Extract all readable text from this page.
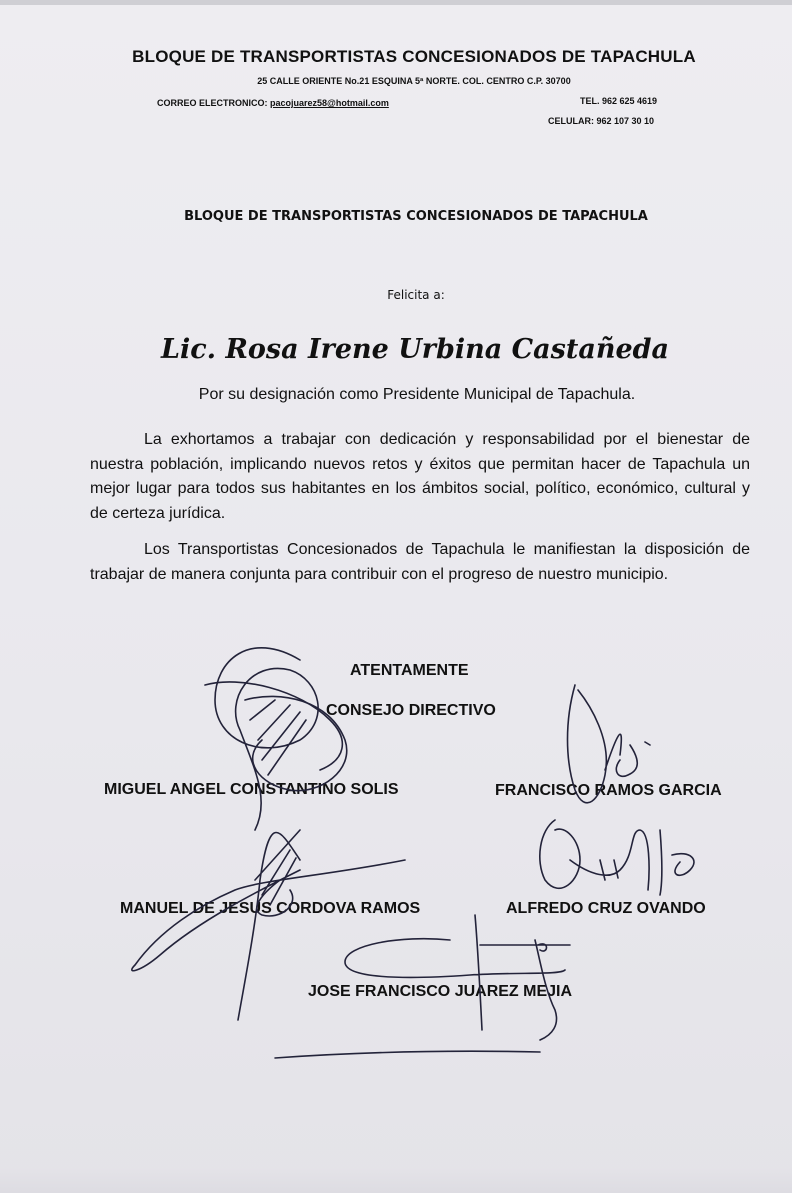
BLOQUE DE TRANSPORTISTAS CONCESIONADOS DE TAPACHULA
25 CALLE ORIENTE No.21 ESQUINA 5ª NORTE. COL. CENTRO C.P. 30700
CORREO ELECTRONICO: pacojuarez58@hotmail.com	TEL. 962 625 4619
CELULAR: 962 107 30 10
BLOQUE DE TRANSPORTISTAS CONCESIONADOS DE TAPACHULA
Felicita a:
Lic. Rosa Irene Urbina Castañeda
Por su designación como Presidente Municipal de Tapachula.
La exhortamos a trabajar con dedicación y responsabilidad por el bienestar de nuestra población, implicando nuevos retos y éxitos que permitan hacer de Tapachula un mejor lugar para todos sus habitantes en los ámbitos social, político, económico, cultural y de certeza jurídica.
Los Transportistas Concesionados de Tapachula le manifiestan la disposición de trabajar de manera conjunta para contribuir con el progreso de nuestro municipio.
ATENTAMENTE
CONSEJO DIRECTIVO
MIGUEL ANGEL CONSTANTINO SOLIS	FRANCISCO RAMOS GARCIA
MANUEL DE JESUS CORDOVA RAMOS	ALFREDO CRUZ OVANDO
JOSE FRANCISCO JUAREZ MEJIA
